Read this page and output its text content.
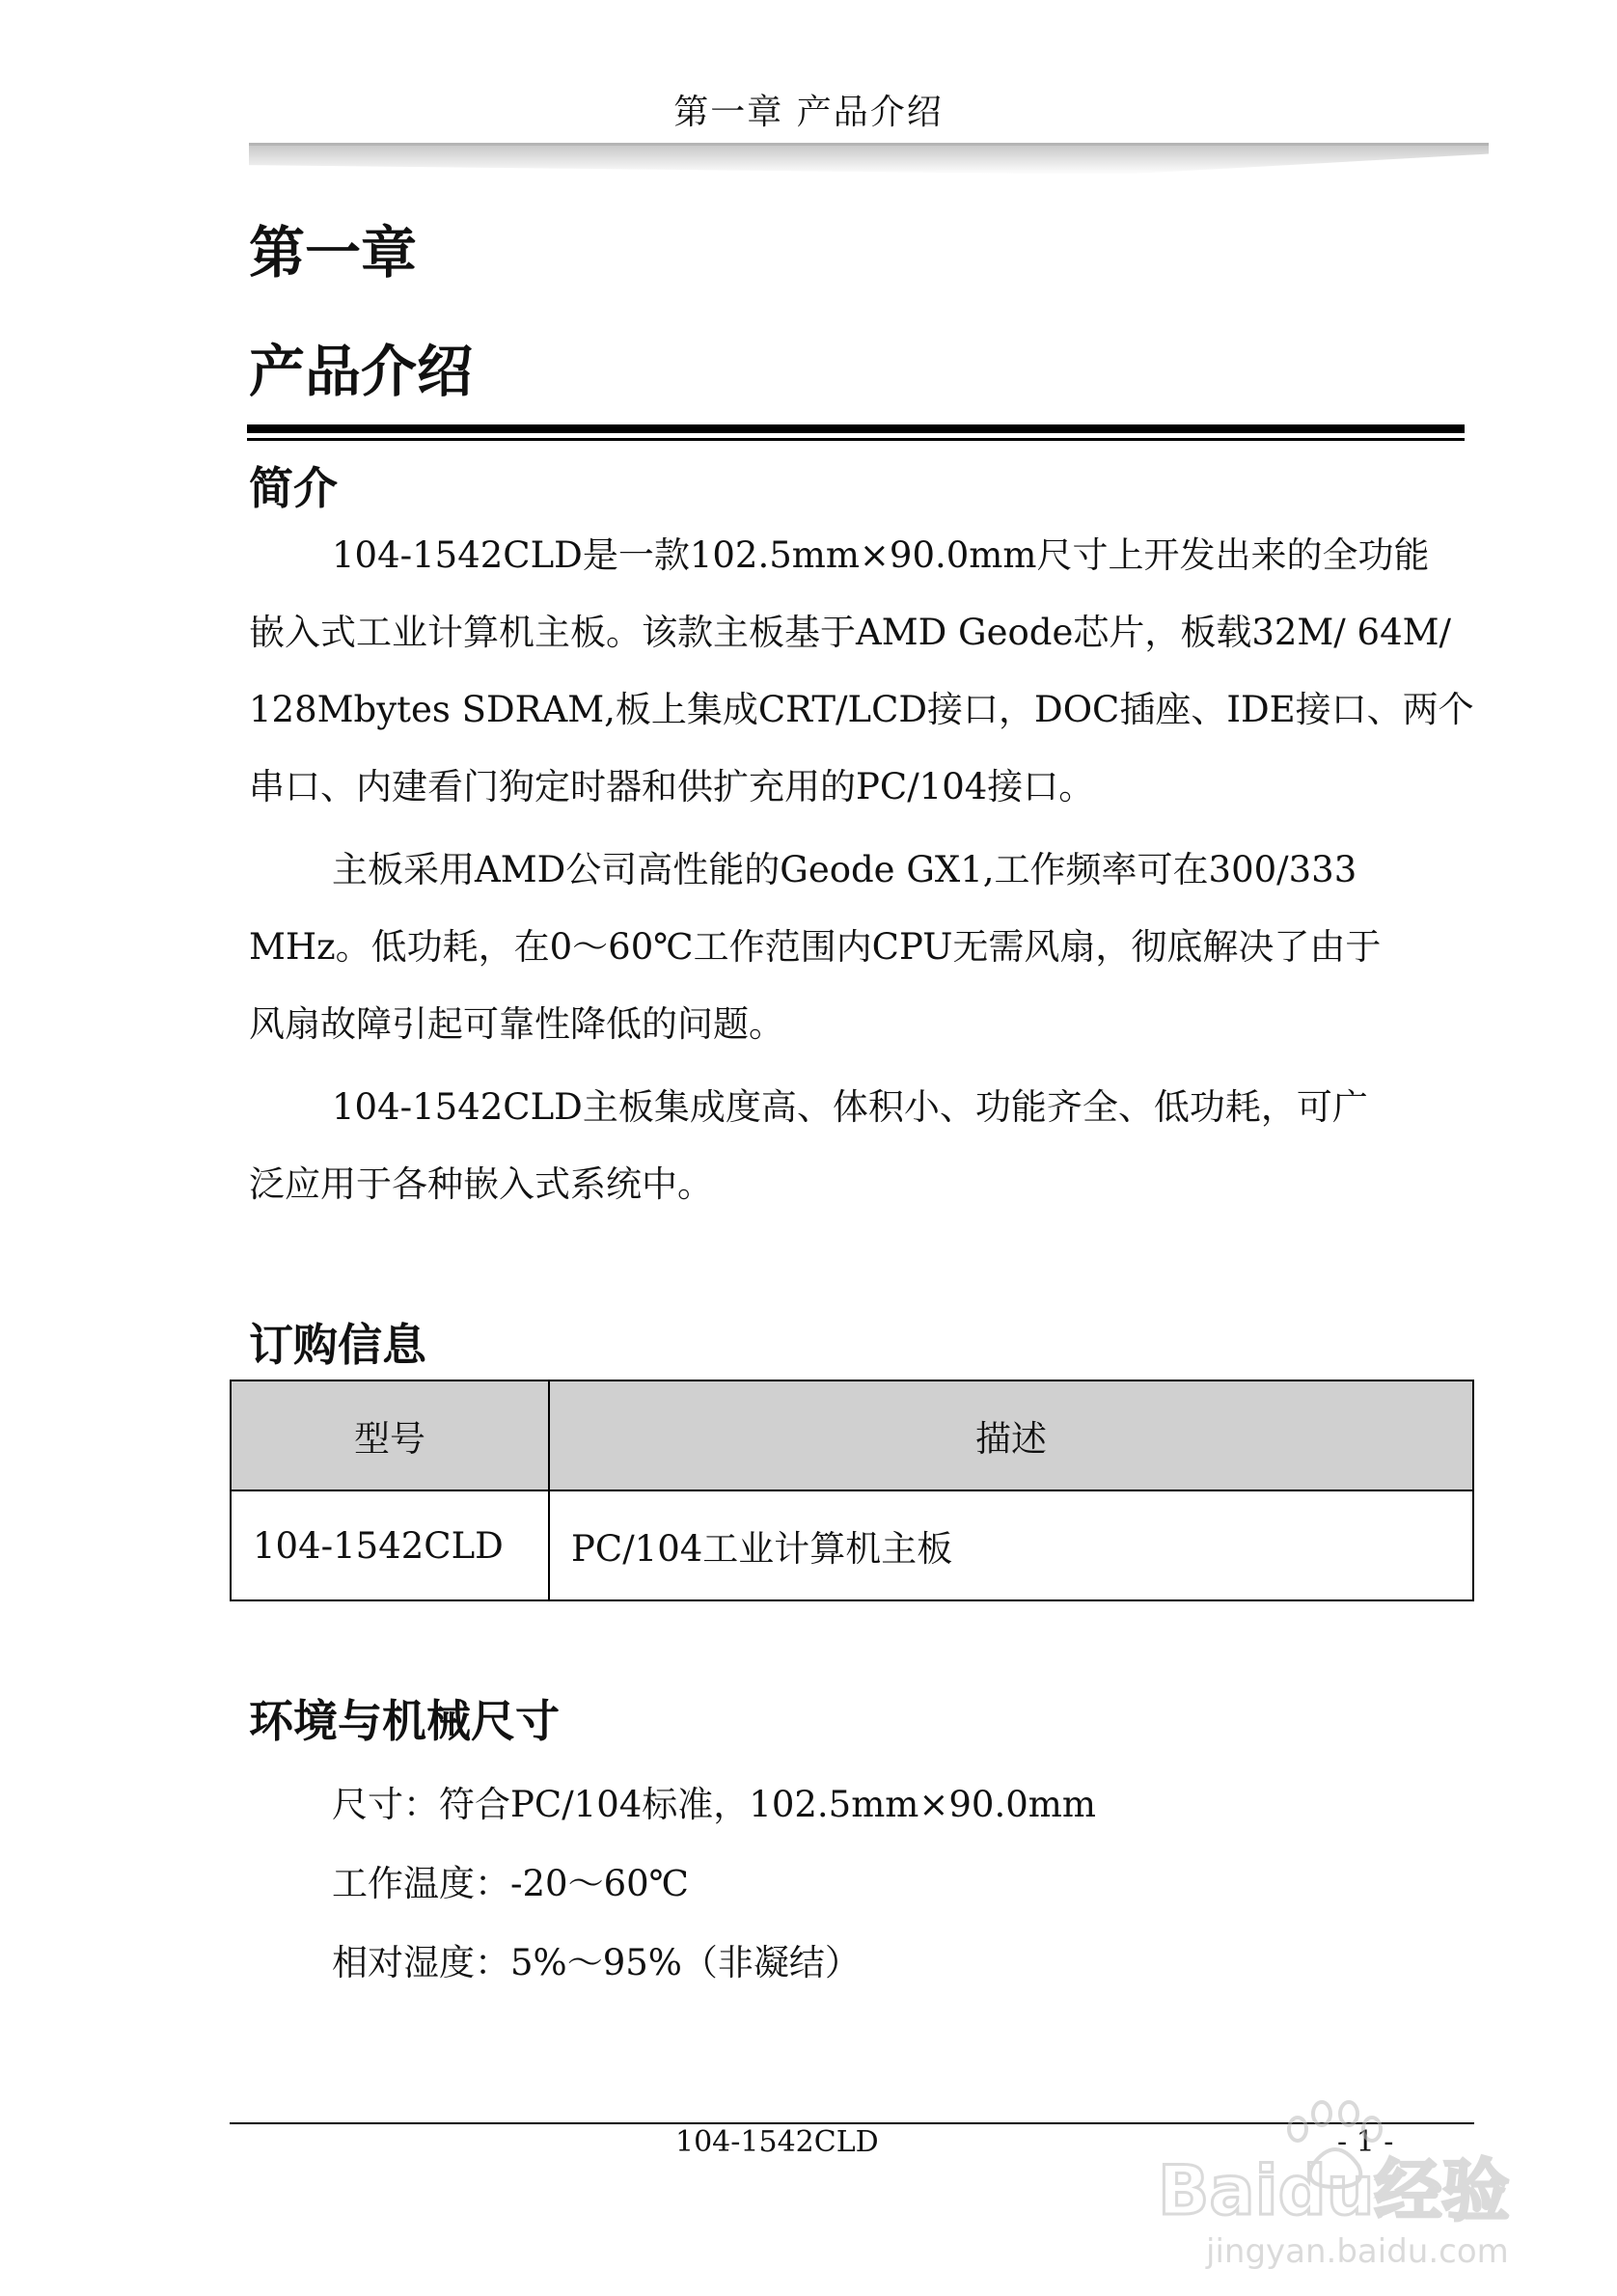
第一章 产品介绍
第一章
产品介绍
简介

104-1542CLD是一款102.5mm×90.0mm尺寸上开发出来的全功能
嵌入式工业计算机主板。该款主板基于AMD Geode芯片，板载32M/ 64M/
128Mbytes SDRAM,板上集成CRT/LCD接口，DOC插座、IDE接口、两个
串口、内建看门狗定时器和供扩充用的PC/104接口。

主板采用AMD公司高性能的Geode GX1,工作频率可在300/333
MHz。低功耗，在0～60℃工作范围内CPU无需风扇，彻底解决了由于
风扇故障引起可靠性降低的问题。

104-1542CLD主板集成度高、体积小、功能齐全、低功耗，可广
泛应用于各种嵌入式系统中。

订购信息
型号	描述
104-1542CLD	PC/104工业计算机主板
环境与机械尺寸
尺寸：符合PC/104标准，102.5mm×90.0mm
工作温度：-20～60℃
相对湿度：5%～95%（非凝结）
104-1542CLD	- 1 -
Baidu经验
jingyan.baidu.com
